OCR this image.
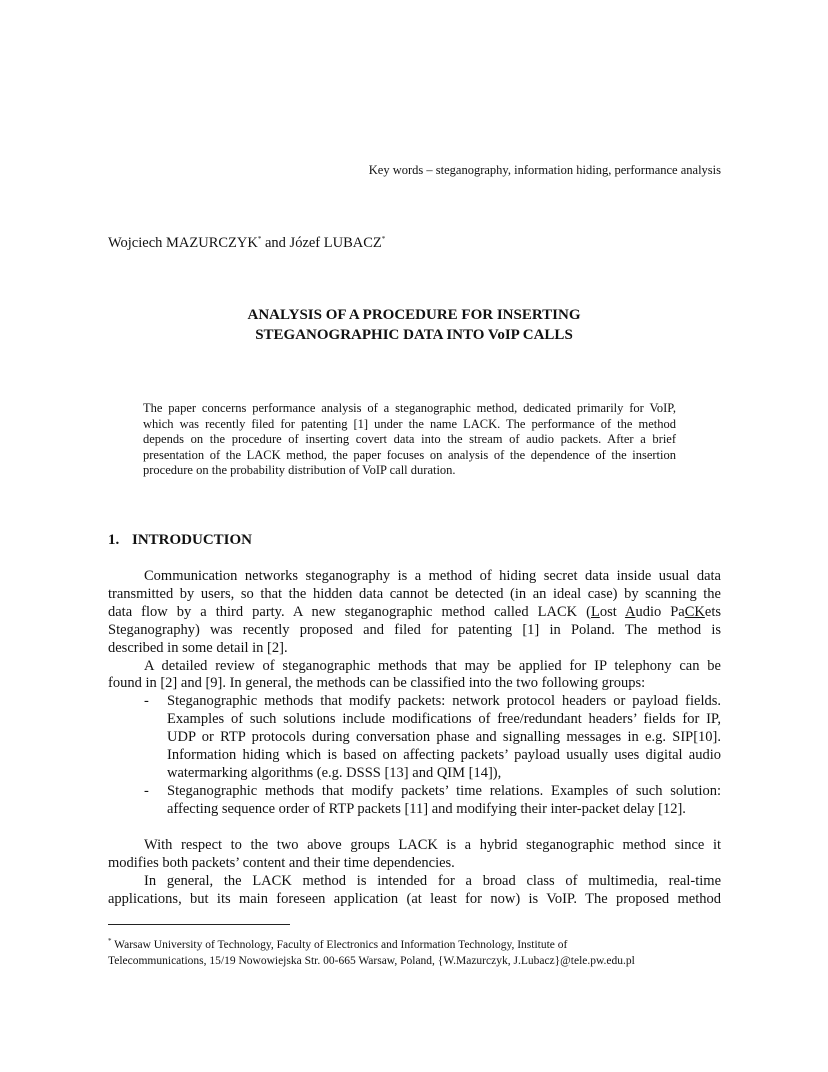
Key words – steganography, information hiding, performance analysis
Wojciech MAZURCZYK* and Józef LUBACZ*
ANALYSIS OF A PROCEDURE FOR INSERTING
STEGANOGRAPHIC DATA INTO VoIP CALLS
The paper concerns performance analysis of a steganographic method, dedicated primarily for VoIP,
which was recently filed for patenting [1] under the name LACK. The performance of the method
depends on the procedure of inserting covert data into the stream of audio packets. After a brief
presentation of the LACK method, the paper focuses on analysis of the dependence of the insertion
procedure on the probability distribution of VoIP call duration.
1. INTRODUCTION
Communication networks steganography is a method of hiding secret data inside usual data
transmitted by users, so that the hidden data cannot be detected (in an ideal case) by scanning the
data flow by a third party. A new steganographic method called LACK (Lost Audio PaCKets
Steganography) was recently proposed and filed for patenting [1] in Poland. The method is
described in some detail in [2].
A detailed review of steganographic methods that may be applied for IP telephony can be
found in [2] and [9]. In general, the methods can be classified into the two following groups:
- Steganographic methods that modify packets: network protocol headers or payload fields.
Examples of such solutions include modifications of free/redundant headers’ fields for IP,
UDP or RTP protocols during conversation phase and signalling messages in e.g. SIP[10].
Information hiding which is based on affecting packets’ payload usually uses digital audio
watermarking algorithms (e.g. DSSS [13] and QIM [14]),
- Steganographic methods that modify packets’ time relations. Examples of such solution:
affecting sequence order of RTP packets [11] and modifying their inter-packet delay [12].
With respect to the two above groups LACK is a hybrid steganographic method since it
modifies both packets’ content and their time dependencies.
In general, the LACK method is intended for a broad class of multimedia, real-time
applications, but its main foreseen application (at least for now) is VoIP. The proposed method
* Warsaw University of Technology, Faculty of Electronics and Information Technology, Institute of
Telecommunications, 15/19 Nowowiejska Str. 00-665 Warsaw, Poland, {W.Mazurczyk, J.Lubacz}@tele.pw.edu.pl
